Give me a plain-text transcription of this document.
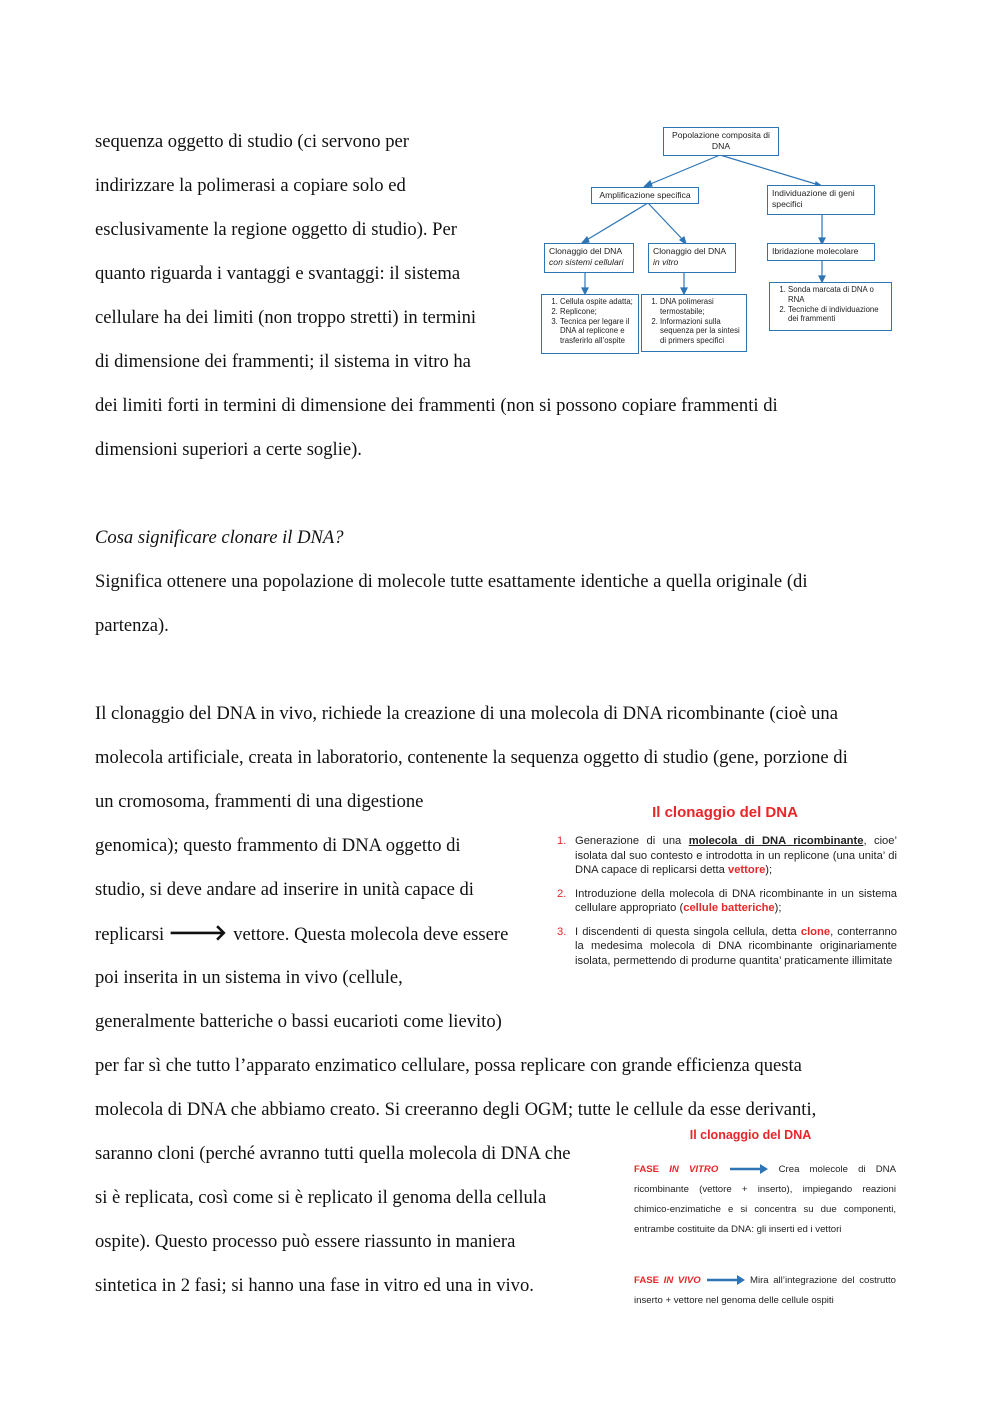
sequenza oggetto di studio (ci servono per
indirizzare la polimerasi a copiare solo ed
esclusivamente la regione oggetto di studio). Per
quanto riguarda i vantaggi e svantaggi: il sistema
cellulare ha dei limiti (non troppo stretti) in termini
di dimensione dei frammenti; il sistema in vitro ha
dei limiti forti in termini di dimensione dei frammenti (non si possono copiare frammenti di
dimensioni superiori a certe soglie).
Cosa significare clonare il DNA?
Significa ottenere una popolazione di molecole tutte esattamente identiche a quella originale (di
partenza).
Il clonaggio del DNA in vivo, richiede la creazione di una molecola di DNA ricombinante (cioè una
molecola artificiale, creata in laboratorio, contenente la sequenza oggetto di studio (gene, porzione di
un cromosoma, frammenti di una digestione
genomica); questo frammento di DNA oggetto di
studio, si deve andare ad inserire in unità capace di
replicarsi 🡒 vettore. Questa molecola deve essere
poi inserita in un sistema in vivo (cellule,
generalmente batteriche o bassi eucarioti come lievito)
per far sì che tutto l’apparato enzimatico cellulare, possa replicare con grande efficienza questa
molecola di DNA che abbiamo creato. Si creeranno degli OGM; tutte le cellule da esse derivanti,
saranno cloni (perché avranno tutti quella molecola di DNA che
si è replicata, così come si è replicato il genoma della cellula
ospite). Questo processo può essere riassunto in maniera
sintetica in 2 fasi; si hanno una fase in vitro ed una in vivo.
Popolazione composita di DNA
Amplificazione specifica	Individuazione di geni specifici
Clonaggio del DNA
con sistemi cellulari
Clonaggio del DNA
in vitro
Ibridazione molecolare
1. Cellula ospite adatta;
2. Replicone;
3. Tecnica per legare il DNA al replicone e trasferirlo all’ospite
1. DNA polimerasi termostabile;
2. Informazioni sulla sequenza per la sintesi di primers specifici
1. Sonda marcata di DNA o RNA
2. Tecniche di individuazione dei frammenti
Il clonaggio del DNA
1. Generazione di una molecola di DNA ricombinante, cioe’ isolata dal suo contesto e introdotta in un replicone (una unita’ di DNA capace di replicarsi detta vettore);
2. Introduzione della molecola di DNA ricombinante in un sistema cellulare appropriato (cellule batteriche);
3. I discendenti di questa singola cellula, detta clone, conterranno la medesima molecola di DNA ricombinante originariamente isolata, permettendo di produrne quantita’ praticamente illimitate
Il clonaggio del DNA
FASE IN VITRO	Crea molecole di DNA ricombinante (vettore + inserto), impiegando reazioni chimico-enzimatiche e si concentra su due componenti, entrambe costituite da DNA: gli inserti ed i vettori
FASE IN VIVO	Mira all’integrazione del costrutto inserto + vettore nel genoma delle cellule ospiti
